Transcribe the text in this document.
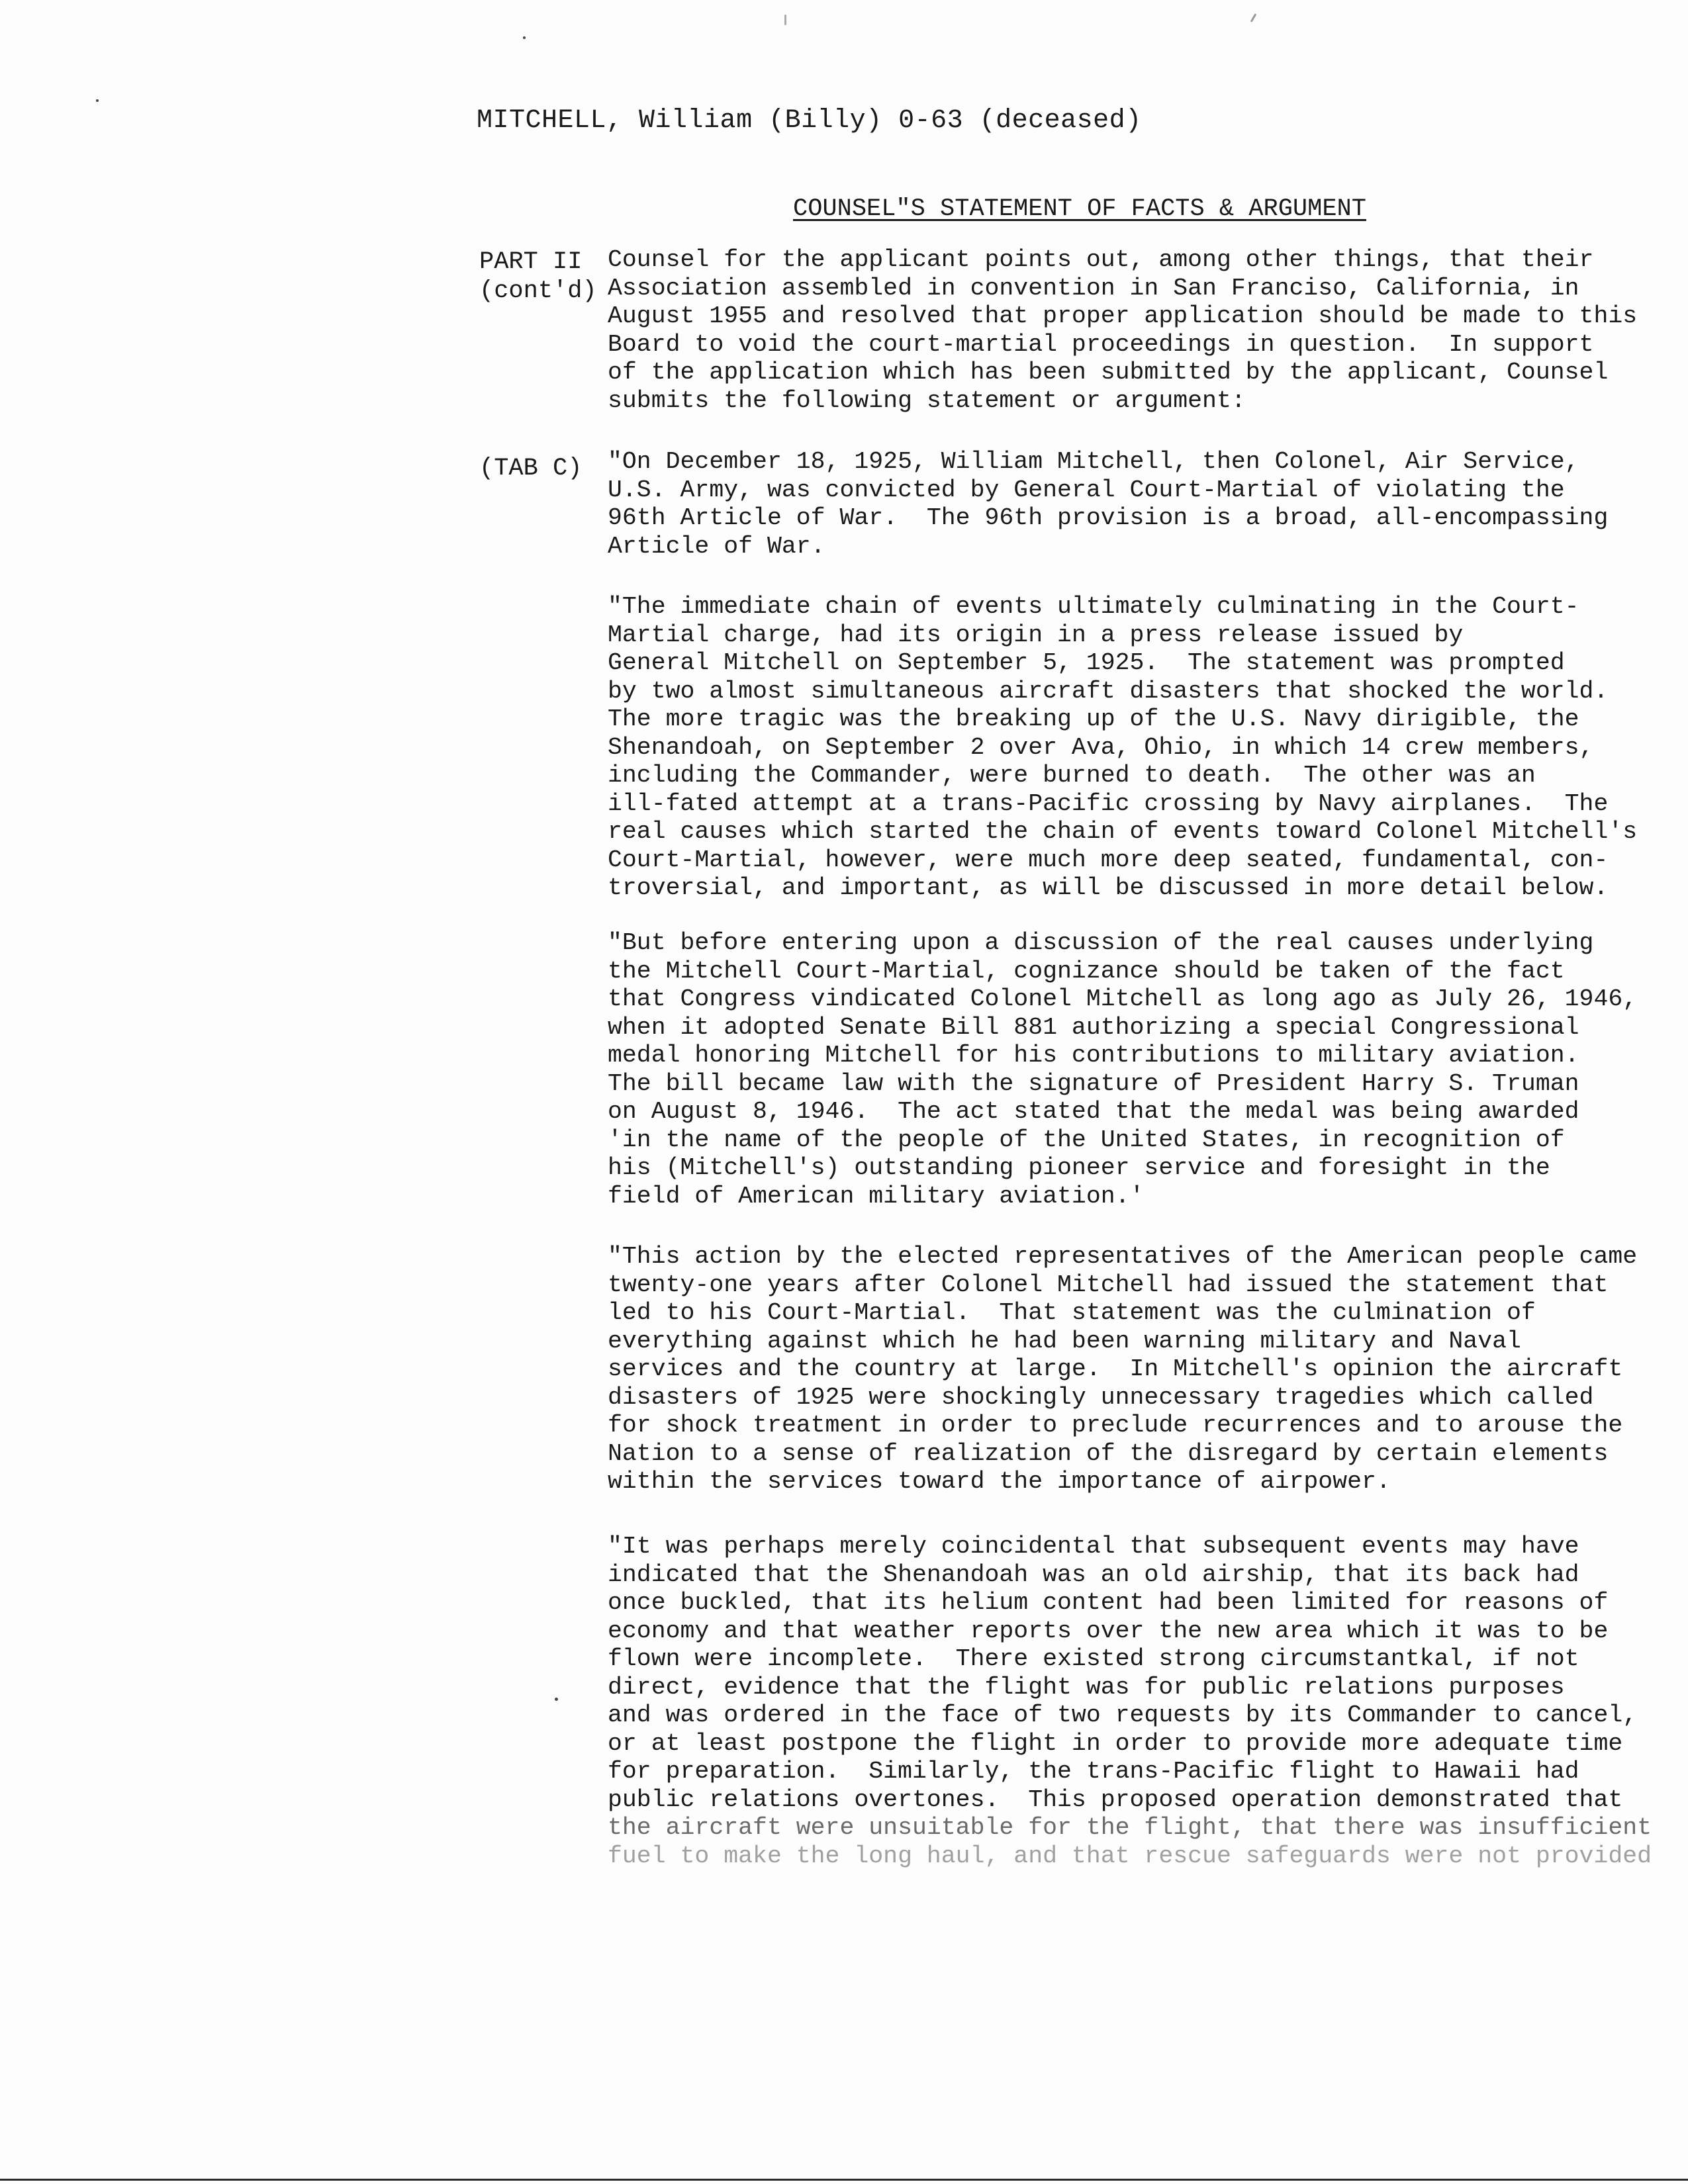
MITCHELL, William (Billy) 0-63 (deceased)
COUNSEL"S STATEMENT OF FACTS & ARGUMENT
PART II
(cont'd)
(TAB C)
Counsel for the applicant points out, among other things, that their
Association assembled in convention in San Franciso, California, in
August 1955 and resolved that proper application should be made to this
Board to void the court-martial proceedings in question.  In support
of the application which has been submitted by the applicant, Counsel
submits the following statement or argument:
"On December 18, 1925, William Mitchell, then Colonel, Air Service,
U.S. Army, was convicted by General Court-Martial of violating the
96th Article of War.  The 96th provision is a broad, all-encompassing
Article of War.
"The immediate chain of events ultimately culminating in the Court-
Martial charge, had its origin in a press release issued by
General Mitchell on September 5, 1925.  The statement was prompted
by two almost simultaneous aircraft disasters that shocked the world.
The more tragic was the breaking up of the U.S. Navy dirigible, the
Shenandoah, on September 2 over Ava, Ohio, in which 14 crew members,
including the Commander, were burned to death.  The other was an
ill-fated attempt at a trans-Pacific crossing by Navy airplanes.  The
real causes which started the chain of events toward Colonel Mitchell's
Court-Martial, however, were much more deep seated, fundamental, con-
troversial, and important, as will be discussed in more detail below.
"But before entering upon a discussion of the real causes underlying
the Mitchell Court-Martial, cognizance should be taken of the fact
that Congress vindicated Colonel Mitchell as long ago as July 26, 1946,
when it adopted Senate Bill 881 authorizing a special Congressional
medal honoring Mitchell for his contributions to military aviation.
The bill became law with the signature of President Harry S. Truman
on August 8, 1946.  The act stated that the medal was being awarded
'in the name of the people of the United States, in recognition of
his (Mitchell's) outstanding pioneer service and foresight in the
field of American military aviation.'
"This action by the elected representatives of the American people came
twenty-one years after Colonel Mitchell had issued the statement that
led to his Court-Martial.  That statement was the culmination of
everything against which he had been warning military and Naval
services and the country at large.  In Mitchell's opinion the aircraft
disasters of 1925 were shockingly unnecessary tragedies which called
for shock treatment in order to preclude recurrences and to arouse the
Nation to a sense of realization of the disregard by certain elements
within the services toward the importance of airpower.
"It was perhaps merely coincidental that subsequent events may have
indicated that the Shenandoah was an old airship, that its back had
once buckled, that its helium content had been limited for reasons of
economy and that weather reports over the new area which it was to be
flown were incomplete.  There existed strong circumstantkal, if not
direct, evidence that the flight was for public relations purposes
and was ordered in the face of two requests by its Commander to cancel,
or at least postpone the flight in order to provide more adequate time
for preparation.  Similarly, the trans-Pacific flight to Hawaii had
public relations overtones.  This proposed operation demonstrated that
the aircraft were unsuitable for the flight, that there was insufficient
fuel to make the long haul, and that rescue safeguards were not provided
